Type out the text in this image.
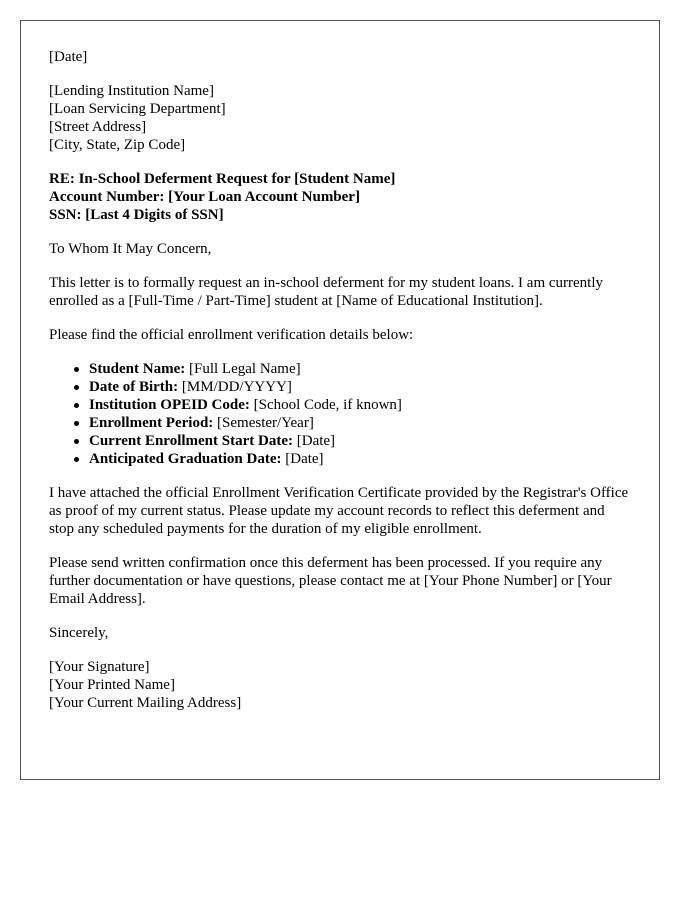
[Date]

[Lending Institution Name]
[Loan Servicing Department]
[Street Address]
[City, State, Zip Code]
RE: In-School Deferment Request for [Student Name]
Account Number: [Your Loan Account Number]
SSN: [Last 4 Digits of SSN]

To Whom It May Concern,

This letter is to formally request an in-school deferment for my student loans. I am currently enrolled as a [Full-Time / Part-Time] student at [Name of Educational Institution].

Please find the official enrollment verification details below:

Student Name: [Full Legal Name]
Date of Birth: [MM/DD/YYYY]
Institution OPEID Code: [School Code, if known]
Enrollment Period: [Semester/Year]
Current Enrollment Start Date: [Date]
Anticipated Graduation Date: [Date]

I have attached the official Enrollment Verification Certificate provided by the Registrar's Office as proof of my current status. Please update my account records to reflect this deferment and stop any scheduled payments for the duration of my eligible enrollment.

Please send written confirmation once this deferment has been processed. If you require any further documentation or have questions, please contact me at [Your Phone Number] or [Your Email Address].

Sincerely,

[Your Signature]
[Your Printed Name]
[Your Current Mailing Address]
